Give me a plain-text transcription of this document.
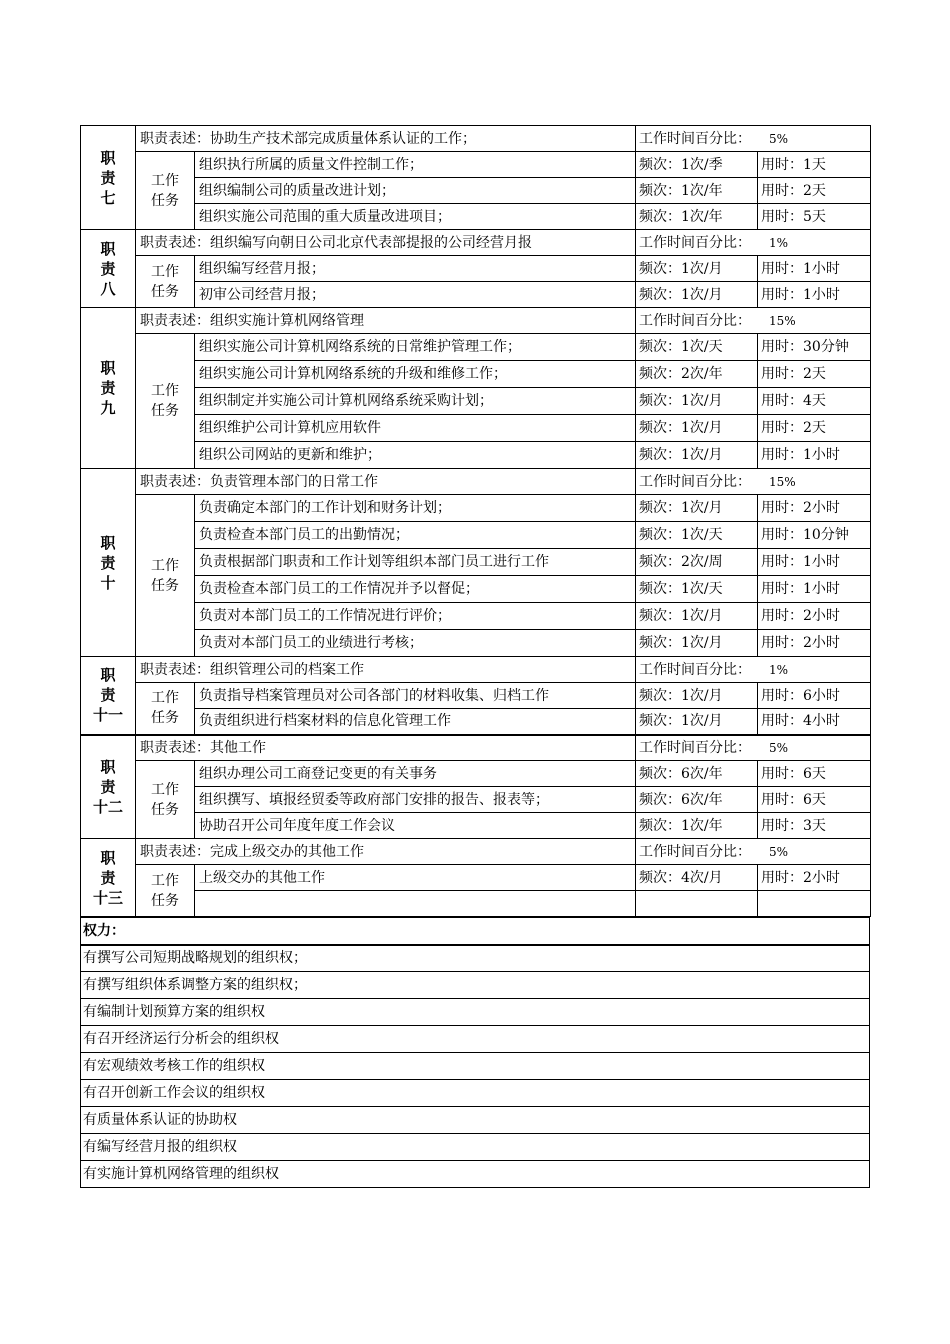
职
责
七	职责表述：协助生产技术部完成质量体系认证的工作；		工作时间百分比： 5%	

	工作
任务	组织执行所属的质量文件控制工作；	频次：1次/季	用时：1天
		组织编制公司的质量改进计划；	频次：1次/年	用时：2天
		组织实施公司范围的重大质量改进项目；	频次：1次/年	用时：5天

职
责
八	职责表述：组织编写向朝日公司北京代表部提报的公司经营月报		工作时间百分比： 1%	

	工作
任务	组织编写经营月报；	频次：1次/月	用时：1小时
		初审公司经营月报；	频次：1次/月	用时：1小时

职
责
九	职责表述：组织实施计算机网络管理		工作时间百分比： 15%	

	工作
任务	组织实施公司计算机网络系统的日常维护管理工作；	频次：1次/天	用时：30分钟
		组织实施公司计算机网络系统的升级和维修工作；	频次：2次/年	用时：2天
		组织制定并实施公司计算机网络系统采购计划；	频次：1次/月	用时：4天
		组织维护公司计算机应用软件	频次：1次/月	用时：2天
		组织公司网站的更新和维护；	频次：1次/月	用时：1小时

职
责
十	职责表述：负责管理本部门的日常工作		工作时间百分比： 15%	

	工作
任务	负责确定本部门的工作计划和财务计划；	频次：1次/月	用时：2小时
		负责检查本部门员工的出勤情况；	频次：1次/天	用时：10分钟
		负责根据部门职责和工作计划等组织本部门员工进行工作	频次：2次/周	用时：1小时
		负责检查本部门员工的工作情况并予以督促；	频次：1次/天	用时：1小时
		负责对本部门员工的工作情况进行评价；	频次：1次/月	用时：2小时
		负责对本部门员工的业绩进行考核；	频次：1次/月	用时：2小时

职
责
十一	职责表述：组织管理公司的档案工作		工作时间百分比： 1%	

	工作
任务	负责指导档案管理员对公司各部门的材料收集、归档工作	频次：1次/月	用时：6小时
		负责组织进行档案材料的信息化管理工作	频次：1次/月	用时：4小时

职
责
十二	职责表述：其他工作		工作时间百分比： 5%	

	工作
任务	组织办理公司工商登记变更的有关事务	频次：6次/年	用时：6天
		组织撰写、填报经贸委等政府部门安排的报告、报表等；	频次：6次/年	用时：6天
		协助召开公司年度年度工作会议	频次：1次/年	用时：3天

职
责
十三	职责表述：完成上级交办的其他工作		工作时间百分比： 5%	

	工作
任务	上级交办的其他工作	频次：4次/月	用时：2小时

权力：
有撰写公司短期战略规划的组织权；
有撰写组织体系调整方案的组织权；
有编制计划预算方案的组织权
有召开经济运行分析会的组织权
有宏观绩效考核工作的组织权
有召开创新工作会议的组织权
有质量体系认证的协助权
有编写经营月报的组织权
有实施计算机网络管理的组织权
